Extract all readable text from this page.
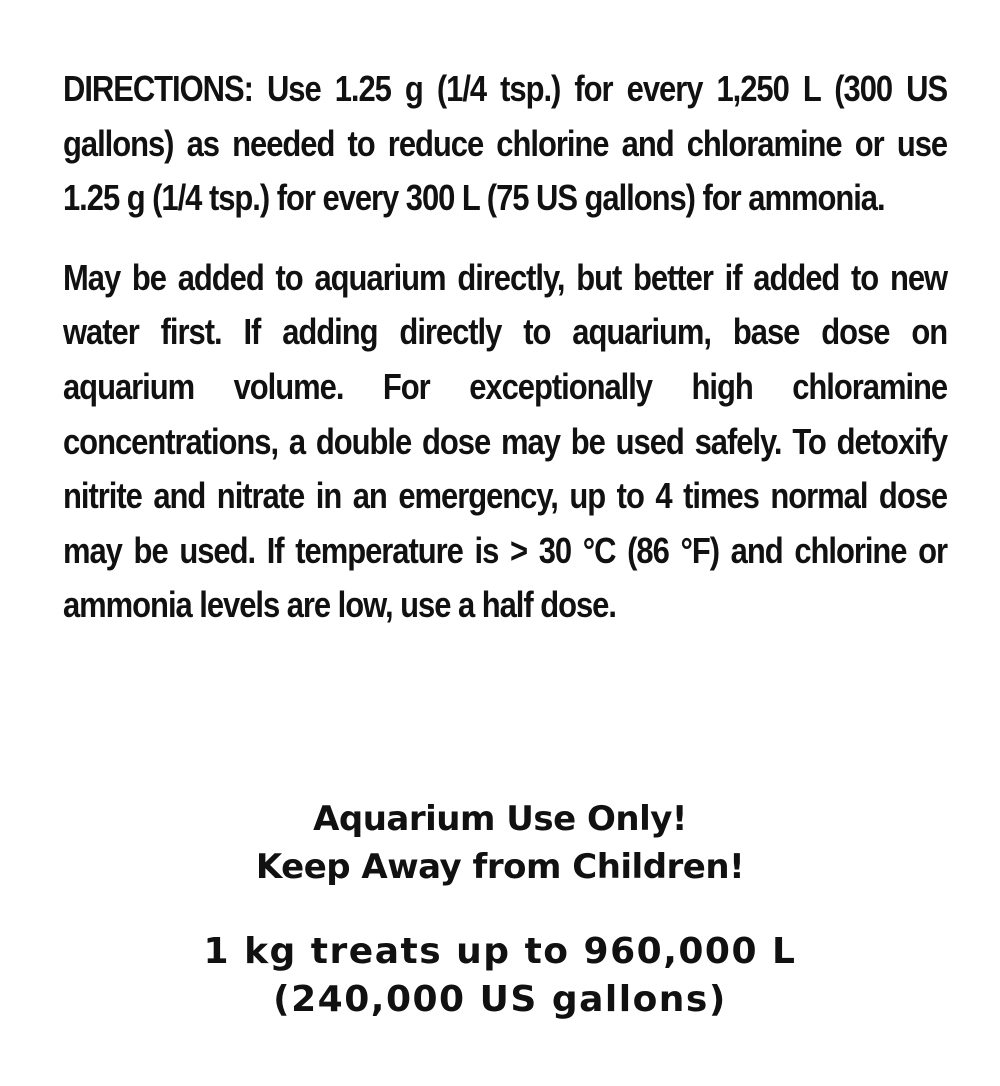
DIRECTIONS: Use 1.25 g (1/4 tsp.) for every 1,250 L (300 US gallons) as needed to reduce chlorine and chloramine or use 1.25 g (1/4 tsp.) for every 300 L (75 US gallons) for ammonia.

May be added to aquarium directly, but better if added to new water first. If adding directly to aquarium, base dose on aquarium volume. For exceptionally high chloramine concentrations, a double dose may be used safely. To detoxify nitrite and nitrate in an emergency, up to 4 times normal dose may be used. If temperature is > 30 °C (86 °F) and chlorine or ammonia levels are low, use a half dose.

Aquarium Use Only!
Keep Away from Children!
1 kg treats up to 960,000 L
(240,000 US gallons)
